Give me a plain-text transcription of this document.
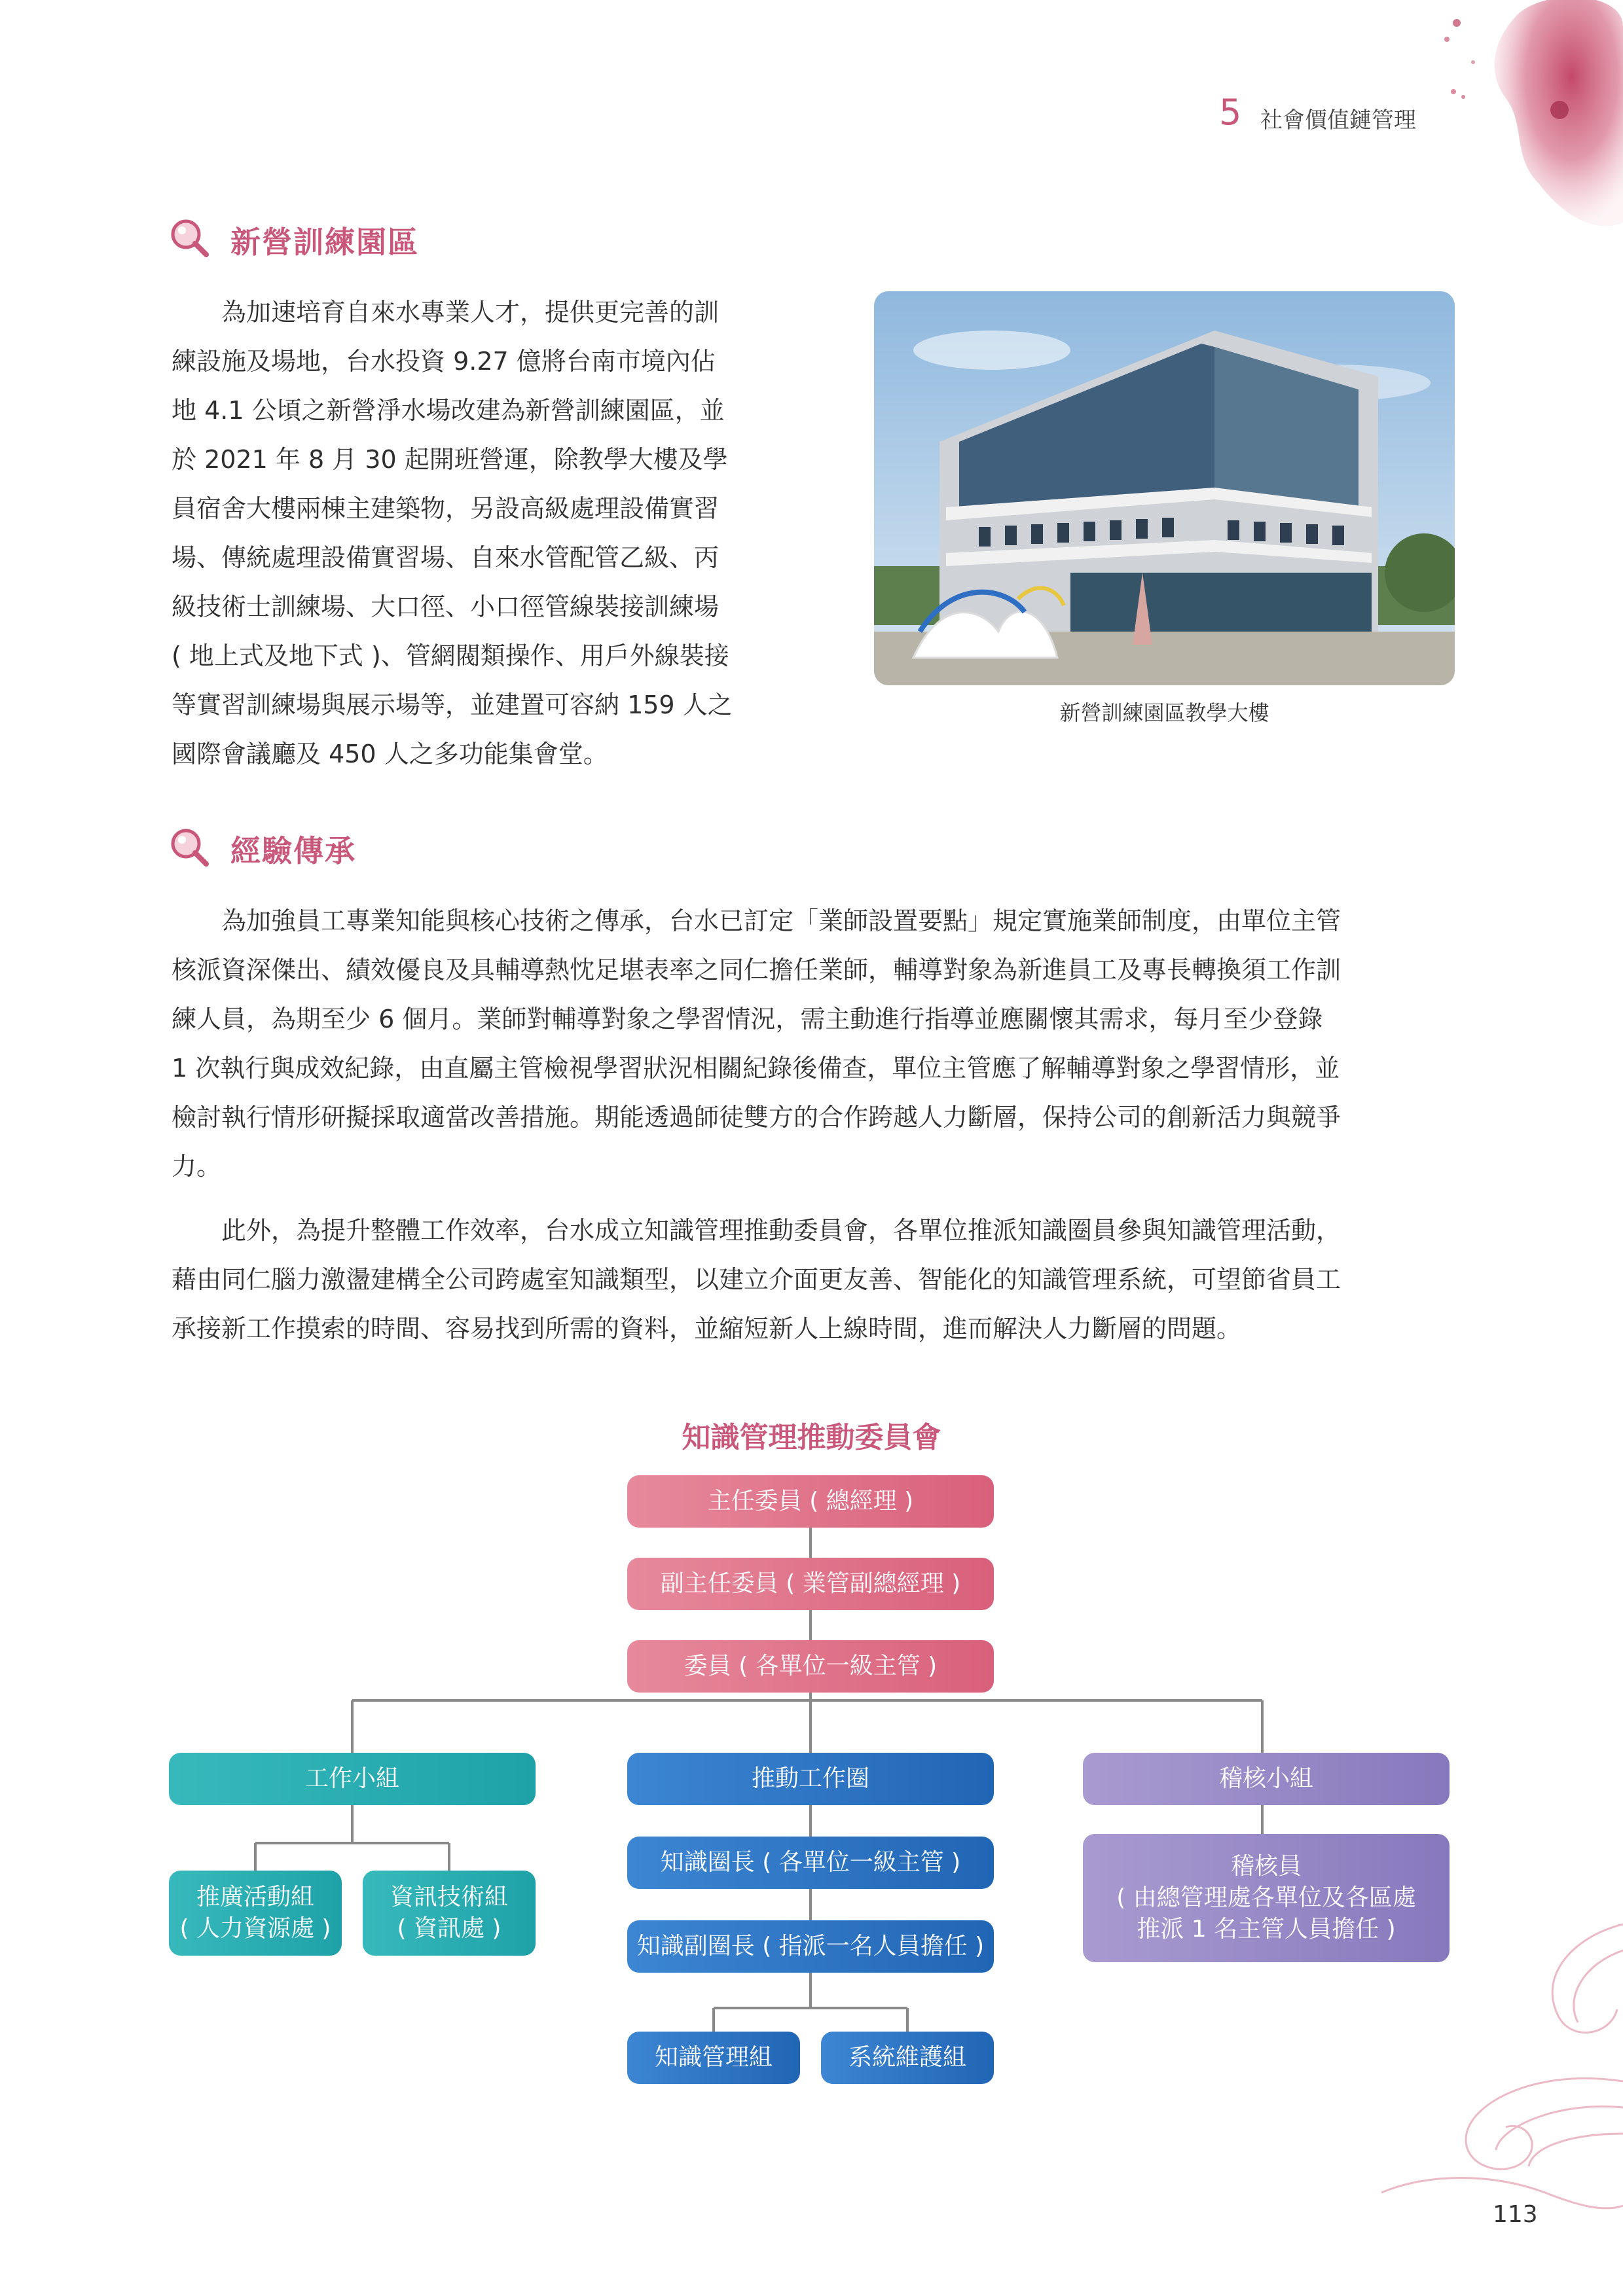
5 社會價值鏈管理
新營訓練園區
　　為加速培育自來水專業人才，提供更完善的訓
練設施及場地，台水投資 9.27 億將台南市境內佔
地 4.1 公頃之新營淨水場改建為新營訓練園區，並
於 2021 年 8 月 30 起開班營運，除教學大樓及學
員宿舍大樓兩棟主建築物，另設高級處理設備實習
場、傳統處理設備實習場、自來水管配管乙級、丙
級技術士訓練場、大口徑、小口徑管線裝接訓練場
( 地上式及地下式 )、管網閥類操作、用戶外線裝接
等實習訓練場與展示場等，並建置可容納 159 人之
國際會議廳及 450 人之多功能集會堂。
新營訓練園區教學大樓
經驗傳承
　　為加強員工專業知能與核心技術之傳承，台水已訂定「業師設置要點」規定實施業師制度，由單位主管
核派資深傑出、績效優良及具輔導熱忱足堪表率之同仁擔任業師，輔導對象為新進員工及專長轉換須工作訓
練人員，為期至少 6 個月。業師對輔導對象之學習情況，需主動進行指導並應關懷其需求，每月至少登錄
1 次執行與成效紀錄，由直屬主管檢視學習狀況相關紀錄後備查，單位主管應了解輔導對象之學習情形，並
檢討執行情形研擬採取適當改善措施。期能透過師徒雙方的合作跨越人力斷層，保持公司的創新活力與競爭
力。
　　此外，為提升整體工作效率，台水成立知識管理推動委員會，各單位推派知識圈員參與知識管理活動，
藉由同仁腦力激盪建構全公司跨處室知識類型，以建立介面更友善、智能化的知識管理系統，可望節省員工
承接新工作摸索的時間、容易找到所需的資料，並縮短新人上線時間，進而解決人力斷層的問題。
知識管理推動委員會
主任委員 ( 總經理 )
副主任委員 ( 業管副總經理 )
委員 ( 各單位一級主管 )
工作小組
推廣活動組
( 人力資源處 )
資訊技術組
( 資訊處 )
推動工作圈
知識圈長 ( 各單位一級主管 )
知識副圈長 ( 指派一名人員擔任 )
知識管理組	系統維護組
稽核小組
稽核員
( 由總管理處各單位及各區處
推派 1 名主管人員擔任 )
113
